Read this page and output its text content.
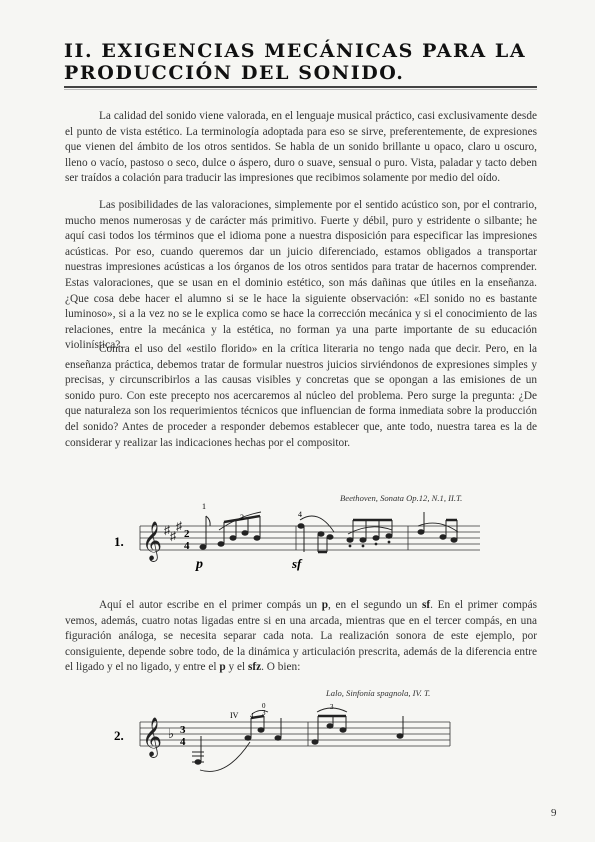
II. EXIGENCIAS MECÁNICAS PARA LA
PRODUCCIÓN DEL SONIDO.

La calidad del sonido viene valorada, en el lenguaje musical práctico, casi exclusivamente desde el punto de vista estético. La terminología adoptada para eso se sirve, preferentemente, de expresiones que vienen del ámbito de los otros sentidos. Se habla de un sonido brillante u opaco, claro u oscuro, lleno o vacío, pastoso o seco, dulce o áspero, duro o suave, sensual o puro. Vista, paladar y tacto deben ser traídos a colación para traducir las impresiones que recibimos solamente por medio del oído.

Las posibilidades de las valoraciones, simplemente por el sentido acústico son, por el contrario, mucho menos numerosas y de carácter más primitivo. Fuerte y débil, puro y estridente o silbante; he aquí casi todos los términos que el idioma pone a nuestra disposición para especificar las impresiones acústicas. Por eso, cuando queremos dar un juicio diferenciado, estamos obligados a transportar nuestras impresiones acústicas a los órganos de los otros sentidos para tratar de hacernos comprender. Estas valoraciones, que se usan en el dominio estético, son más dañinas que útiles en la enseñanza. ¿Que cosa debe hacer el alumno si se le hace la siguiente observación: «El sonido no es bastante luminoso», si a la vez no se le explica como se hace la corrección mecánica y si el conocimiento de las relaciones, entre la mecánica y la estética, no forman ya una parte importante de su educación violinística?.

Contra el uso del «estilo florido» en la crítica literaria no tengo nada que decir. Pero, en la enseñanza práctica, debemos tratar de formular nuestros juicios sirviéndonos de expresiones simples y precisas, y circunscribirlos a las causas visibles y concretas que se opongan a las emisiones de un sonido puro. Con este precepto nos acercaremos al núcleo del problema. Pero surge la pregunta: ¿De que naturaleza son los requerimientos técnicos que influencian de forma inmediata sobre la producción del sonido? Antes de proceder a responder debemos establecer que, ante todo, nuestra tarea es la de considerar y realizar las indicaciones hechas por el compositor.

Beethoven, Sonata Op.12, N.1, II.T.
1. 𝄞 ♯ ♯
♯
2
4
1
2	4
p	sf

Aquí el autor escribe en el primer compás un p, en el segundo un sf. En el primer compás vemos, además, cuatro notas ligadas entre si en una arcada, mientras que en el tercer compás, en una figuración análoga, se necesita separar cada nota. La realización sonora de este ejemplo, por consiguiente, depende sobre todo, de la dinámica y articulación prescrita, además de la diferencia entre el ligado y el no ligado, y entre el p y el sfz. O bien:

Lalo, Sinfonía spagnola, IV. T.
2. 𝄞 ♭ 3
4
IV 4
0
3
3
9
